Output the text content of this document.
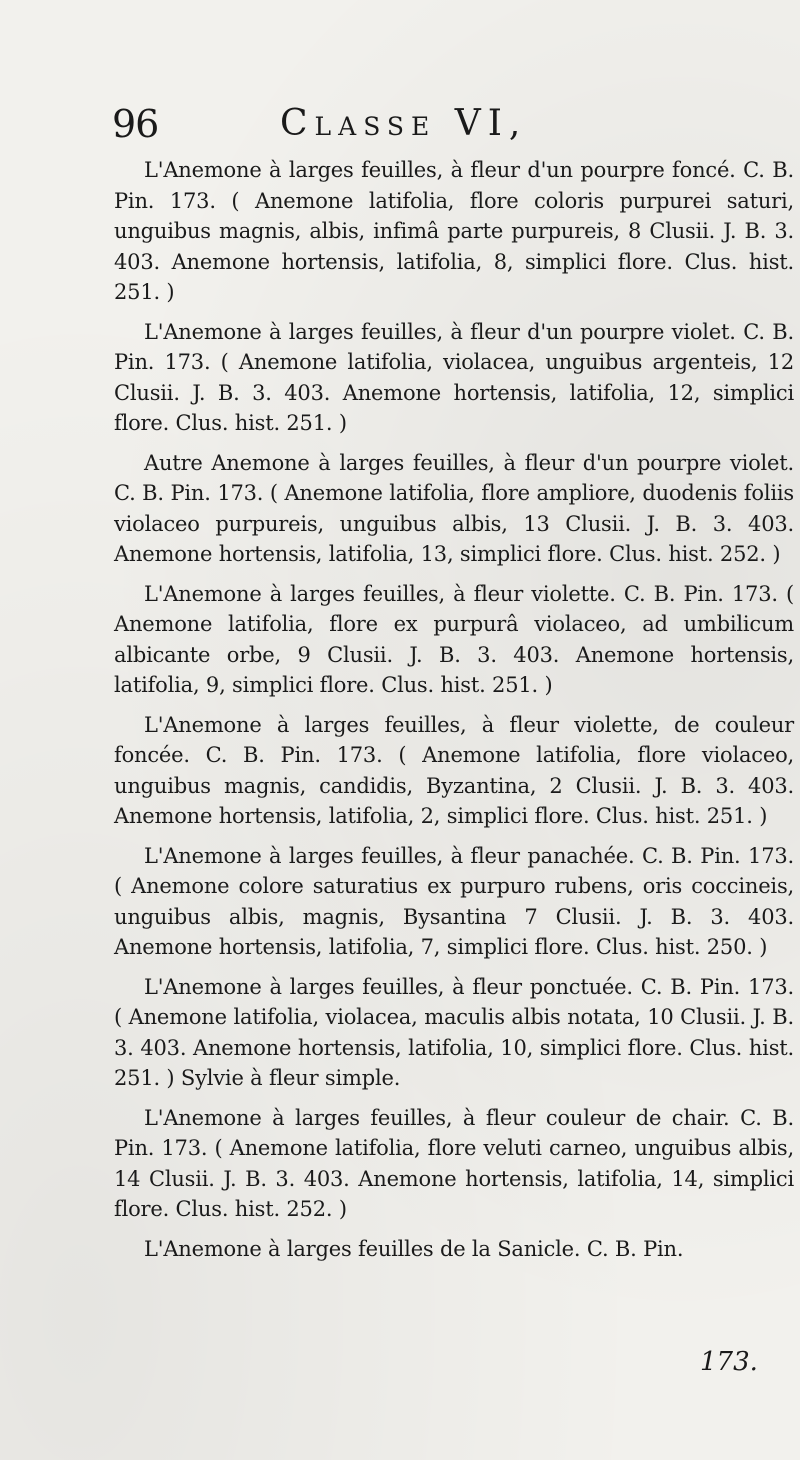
96	Classe VI,

L'Anemone à larges feuilles, à fleur d'un pourpre foncé. C. B. Pin. 173. ( Anemone latifolia, flore coloris purpurei saturi, unguibus magnis, albis, infimâ parte purpureis, 8 Clusii. J. B. 3. 403. Anemone hortensis, latifolia, 8, simplici flore. Clus. hist. 251. )

L'Anemone à larges feuilles, à fleur d'un pourpre violet. C. B. Pin. 173. ( Anemone latifolia, violacea, unguibus argenteis, 12 Clusii. J. B. 3. 403. Anemone hortensis, latifolia, 12, simplici flore. Clus. hist. 251. )

Autre Anemone à larges feuilles, à fleur d'un pourpre violet. C. B. Pin. 173. ( Anemone latifolia, flore ampliore, duodenis foliis violaceo purpureis, unguibus albis, 13 Clusii. J. B. 3. 403. Anemone hortensis, latifolia, 13, simplici flore. Clus. hist. 252. )

L'Anemone à larges feuilles, à fleur violette. C. B. Pin. 173. ( Anemone latifolia, flore ex purpurâ violaceo, ad umbilicum albicante orbe, 9 Clusii. J. B. 3. 403. Anemone hortensis, latifolia, 9, simplici flore. Clus. hist. 251. )

L'Anemone à larges feuilles, à fleur violette, de couleur foncée. C. B. Pin. 173. ( Anemone latifolia, flore violaceo, unguibus magnis, candidis, Byzantina, 2 Clusii. J. B. 3. 403. Anemone hortensis, latifolia, 2, simplici flore. Clus. hist. 251. )

L'Anemone à larges feuilles, à fleur panachée. C. B. Pin. 173. ( Anemone colore saturatius ex purpuro rubens, oris coccineis, unguibus albis, magnis, Bysantina 7 Clusii. J. B. 3. 403. Anemone hortensis, latifolia, 7, simplici flore. Clus. hist. 250. )

L'Anemone à larges feuilles, à fleur ponctuée. C. B. Pin. 173. ( Anemone latifolia, violacea, maculis albis notata, 10 Clusii. J. B. 3. 403. Anemone hortensis, latifolia, 10, simplici flore. Clus. hist. 251. ) Sylvie à fleur simple.

L'Anemone à larges feuilles, à fleur couleur de chair. C. B. Pin. 173. ( Anemone latifolia, flore veluti carneo, unguibus albis, 14 Clusii. J. B. 3. 403. Anemone hortensis, latifolia, 14, simplici flore. Clus. hist. 252. )

L'Anemone à larges feuilles de la Sanicle. C. B. Pin.

173.
